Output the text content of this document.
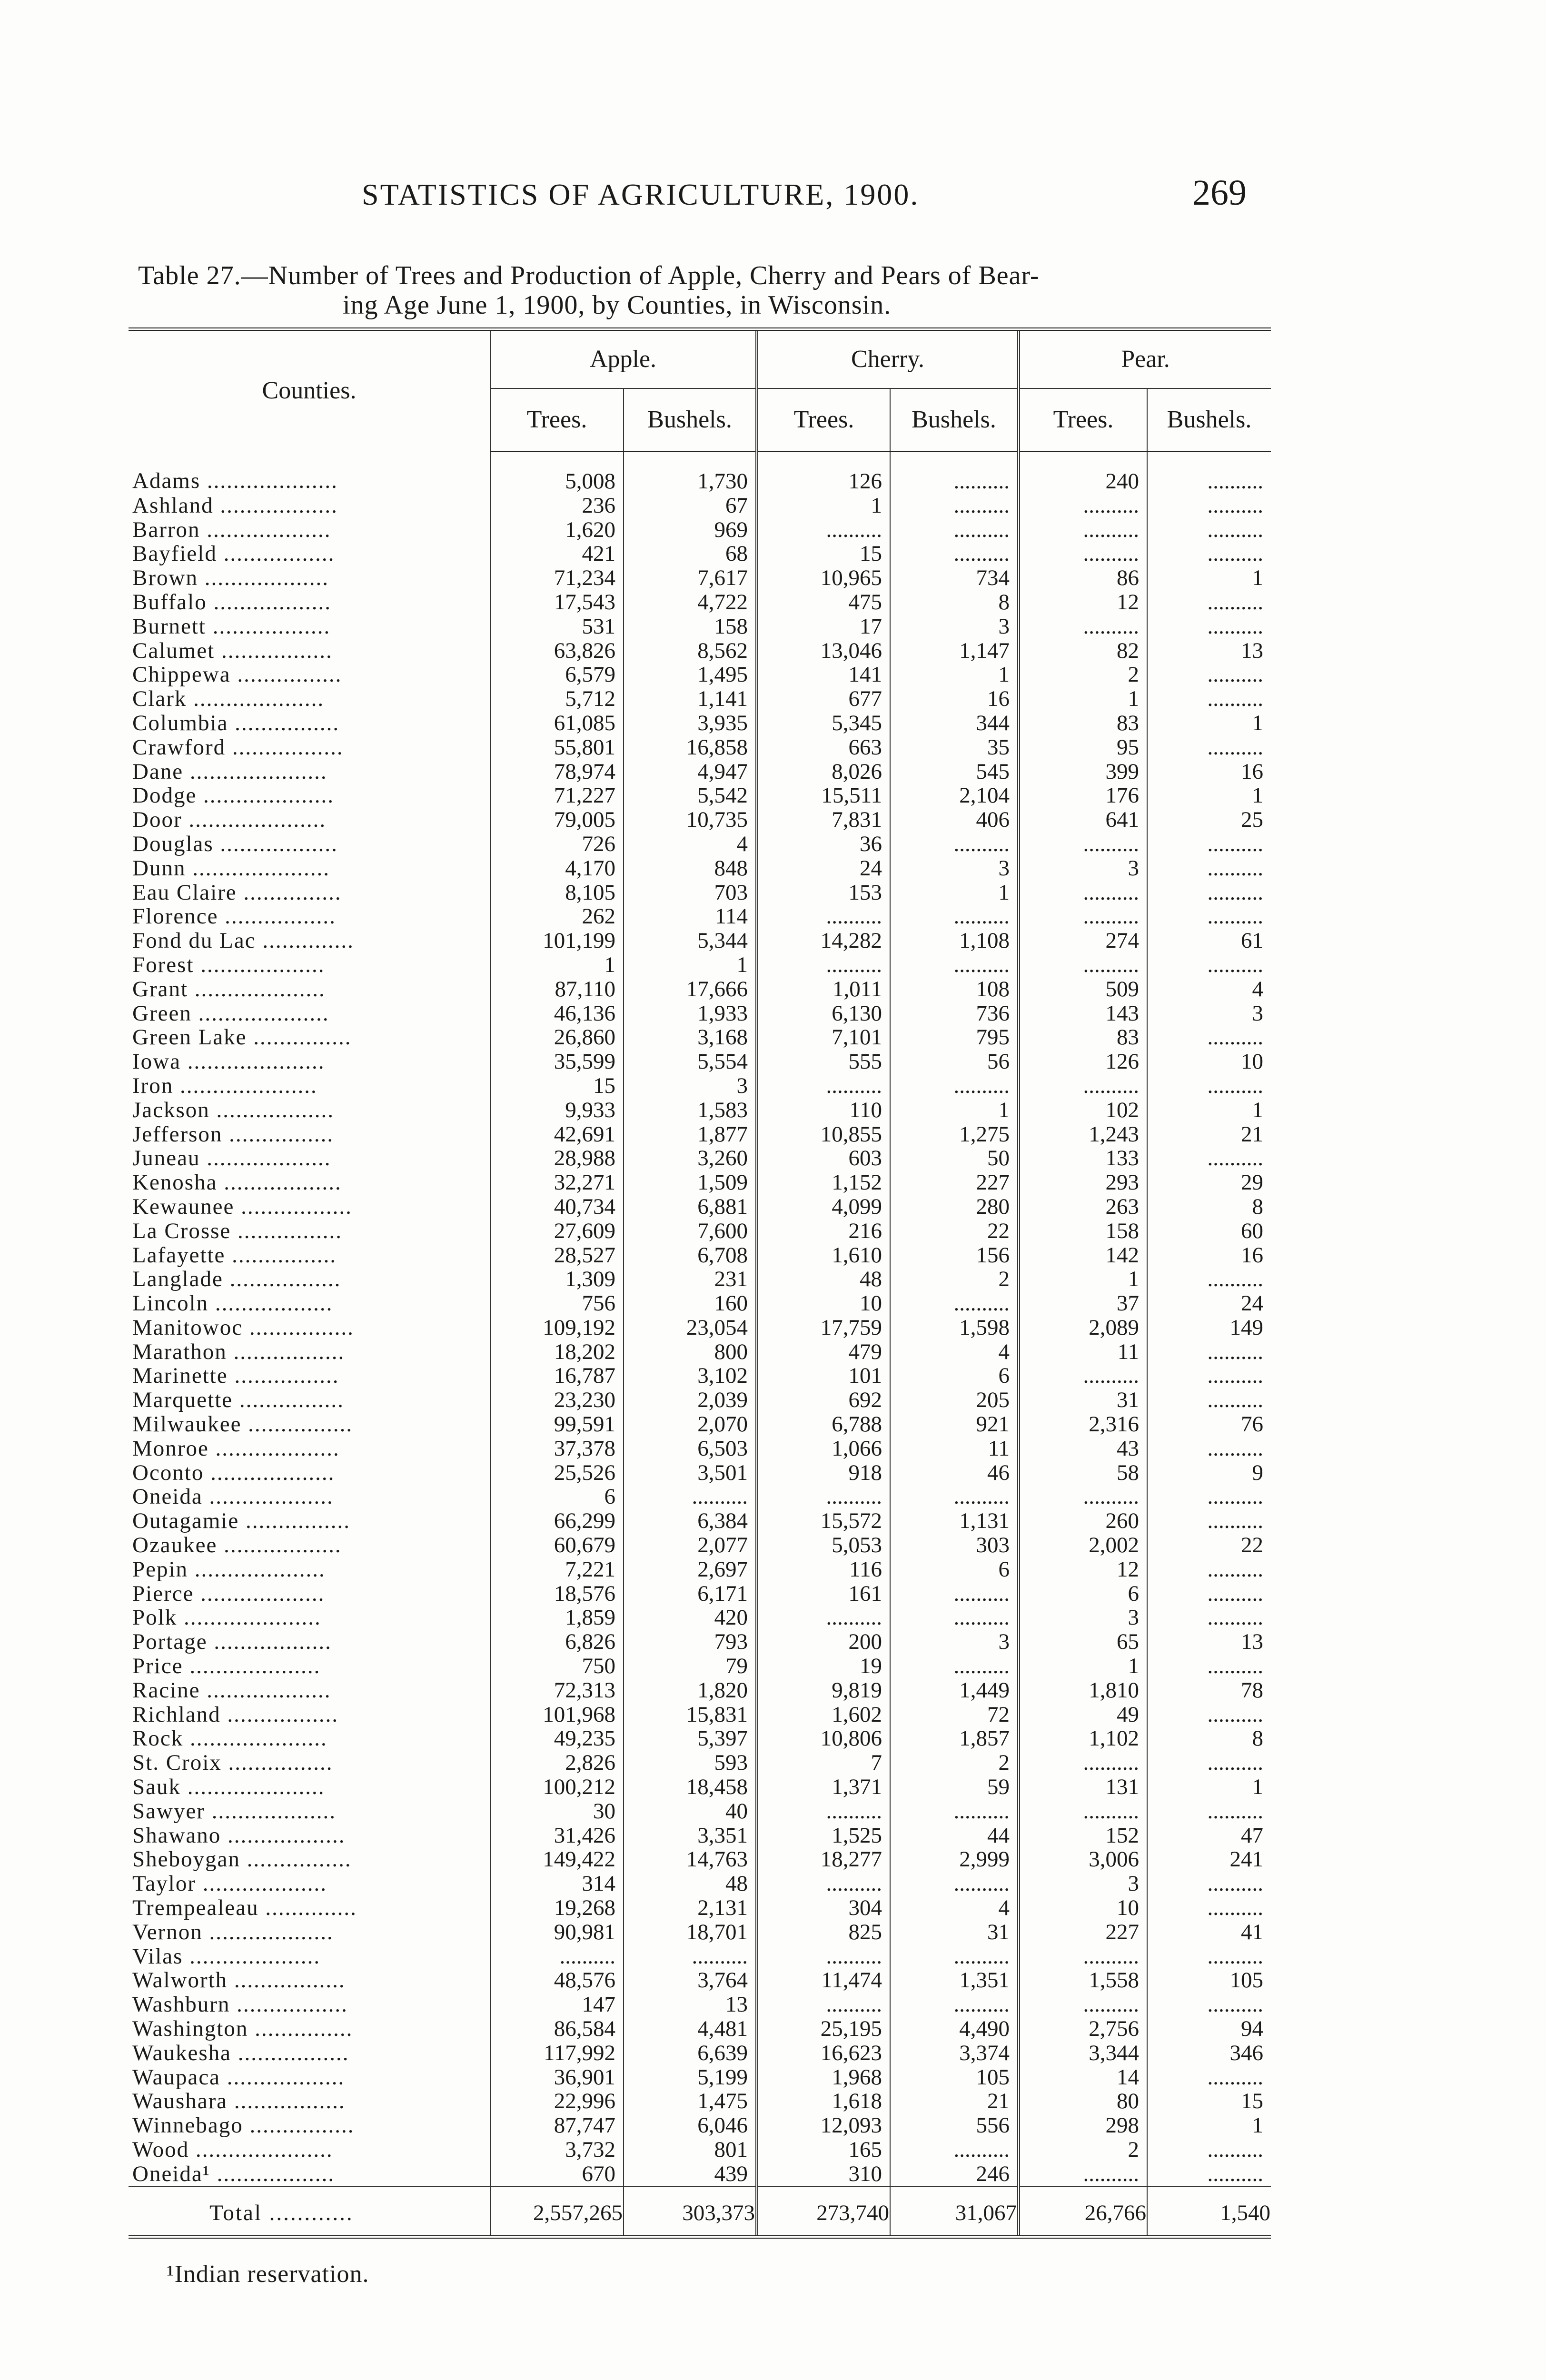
STATISTICS OF AGRICULTURE, 1900.	269
Table 27.—Number of Trees and Production of Apple, Cherry and Pears of Bear-
ing Age June 1, 1900, by Counties, in Wisconsin.
Counties.	Apple.		Cherry.		Pear.	
	Trees.	Bushels.	Trees.	Bushels.	Trees.	Bushels.
Adams ....................	5,008	1,730	126	..........	240	..........
Ashland ..................	236	67	1	..........	..........	..........
Barron ...................	1,620	969	..........	..........	..........	..........
Bayfield .................	421	68	15	..........	..........	..........
Brown ...................	71,234	7,617	10,965	734	86	1
Buffalo ..................	17,543	4,722	475	8	12	..........
Burnett ..................	531	158	17	3	..........	..........
Calumet .................	63,826	8,562	13,046	1,147	82	13
Chippewa ................	6,579	1,495	141	1	2	..........
Clark ....................	5,712	1,141	677	16	1	..........
Columbia ................	61,085	3,935	5,345	344	83	1
Crawford .................	55,801	16,858	663	35	95	..........
Dane .....................	78,974	4,947	8,026	545	399	16
Dodge ....................	71,227	5,542	15,511	2,104	176	1
Door .....................	79,005	10,735	7,831	406	641	25
Douglas ..................	726	4	36	..........	..........	..........
Dunn .....................	4,170	848	24	3	3	..........
Eau Claire ...............	8,105	703	153	1	..........	..........
Florence .................	262	114	..........	..........	..........	..........
Fond du Lac ..............	101,199	5,344	14,282	1,108	274	61
Forest ...................	1	1	..........	..........	..........	..........
Grant ....................	87,110	17,666	1,011	108	509	4
Green ....................	46,136	1,933	6,130	736	143	3
Green Lake ...............	26,860	3,168	7,101	795	83	..........
Iowa .....................	35,599	5,554	555	56	126	10
Iron .....................	15	3	..........	..........	..........	..........
Jackson ..................	9,933	1,583	110	1	102	1
Jefferson ................	42,691	1,877	10,855	1,275	1,243	21
Juneau ...................	28,988	3,260	603	50	133	..........
Kenosha ..................	32,271	1,509	1,152	227	293	29
Kewaunee .................	40,734	6,881	4,099	280	263	8
La Crosse ................	27,609	7,600	216	22	158	60
Lafayette ................	28,527	6,708	1,610	156	142	16
Langlade .................	1,309	231	48	2	1	..........
Lincoln ..................	756	160	10	..........	37	24
Manitowoc ................	109,192	23,054	17,759	1,598	2,089	149
Marathon .................	18,202	800	479	4	11	..........
Marinette ................	16,787	3,102	101	6	..........	..........
Marquette ................	23,230	2,039	692	205	31	..........
Milwaukee ................	99,591	2,070	6,788	921	2,316	76
Monroe ...................	37,378	6,503	1,066	11	43	..........
Oconto ...................	25,526	3,501	918	46	58	9
Oneida ...................	6	..........	..........	..........	..........	..........
Outagamie ................	66,299	6,384	15,572	1,131	260	..........
Ozaukee ..................	60,679	2,077	5,053	303	2,002	22
Pepin ....................	7,221	2,697	116	6	12	..........
Pierce ...................	18,576	6,171	161	..........	6	..........
Polk .....................	1,859	420	..........	..........	3	..........
Portage ..................	6,826	793	200	3	65	13
Price ....................	750	79	19	..........	1	..........
Racine ...................	72,313	1,820	9,819	1,449	1,810	78
Richland .................	101,968	15,831	1,602	72	49	..........
Rock .....................	49,235	5,397	10,806	1,857	1,102	8
St. Croix ................	2,826	593	7	2	..........	..........
Sauk .....................	100,212	18,458	1,371	59	131	1
Sawyer ...................	30	40	..........	..........	..........	..........
Shawano ..................	31,426	3,351	1,525	44	152	47
Sheboygan ................	149,422	14,763	18,277	2,999	3,006	241
Taylor ...................	314	48	..........	..........	3	..........
Trempealeau ..............	19,268	2,131	304	4	10	..........
Vernon ...................	90,981	18,701	825	31	227	41
Vilas ....................	..........	..........	..........	..........	..........	..........
Walworth .................	48,576	3,764	11,474	1,351	1,558	105
Washburn .................	147	13	..........	..........	..........	..........
Washington ...............	86,584	4,481	25,195	4,490	2,756	94
Waukesha .................	117,992	6,639	16,623	3,374	3,344	346
Waupaca ..................	36,901	5,199	1,968	105	14	..........
Waushara .................	22,996	1,475	1,618	21	80	15
Winnebago ................	87,747	6,046	12,093	556	298	1
Wood .....................	3,732	801	165	..........	2	..........
Oneida¹ ..................	670	439	310	246	..........	..........
Total ............	2,557,265	303,373	273,740	31,067	26,766	1,540
¹Indian reservation.
